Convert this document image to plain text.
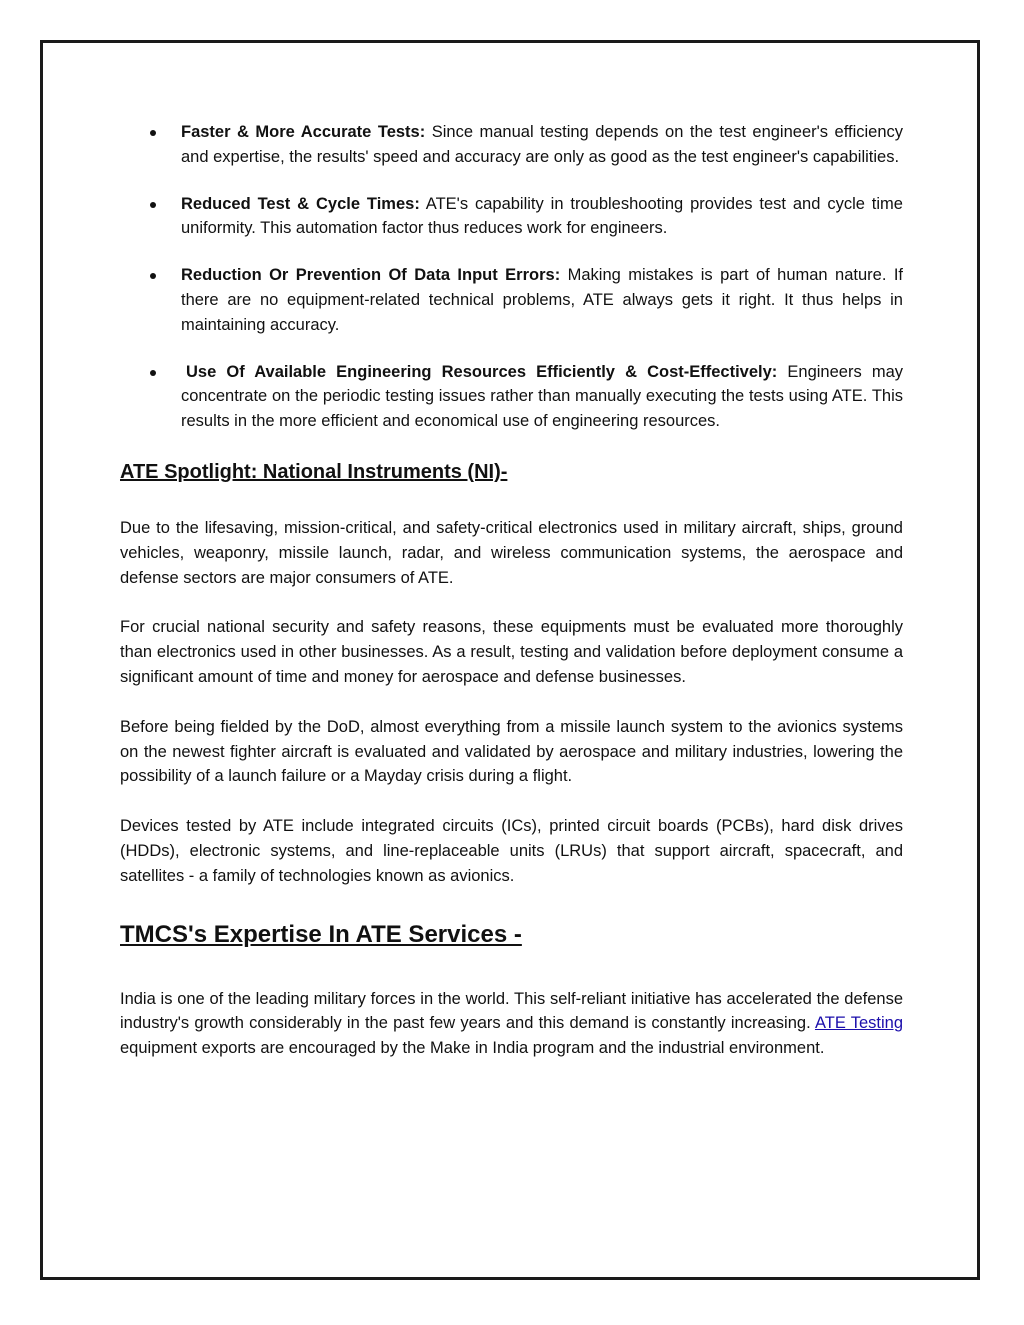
Faster & More Accurate Tests: Since manual testing depends on the test engineer's efficiency and expertise, the results' speed and accuracy are only as good as the test engineer's capabilities.
Reduced Test & Cycle Times: ATE's capability in troubleshooting provides test and cycle time uniformity. This automation factor thus reduces work for engineers.
Reduction Or Prevention Of Data Input Errors: Making mistakes is part of human nature. If there are no equipment-related technical problems, ATE always gets it right. It thus helps in maintaining accuracy.
Use Of Available Engineering Resources Efficiently & Cost-Effectively: Engineers may concentrate on the periodic testing issues rather than manually executing the tests using ATE. This results in the more efficient and economical use of engineering resources.
ATE Spotlight: National Instruments (NI)-

Due to the lifesaving, mission-critical, and safety-critical electronics used in military aircraft, ships, ground vehicles, weaponry, missile launch, radar, and wireless communication systems, the aerospace and defense sectors are major consumers of ATE.

For crucial national security and safety reasons, these equipments must be evaluated more thoroughly than electronics used in other businesses. As a result, testing and validation before deployment consume a significant amount of time and money for aerospace and defense businesses.

Before being fielded by the DoD, almost everything from a missile launch system to the avionics systems on the newest fighter aircraft is evaluated and validated by aerospace and military industries, lowering the possibility of a launch failure or a Mayday crisis during a flight.

Devices tested by ATE include integrated circuits (ICs), printed circuit boards (PCBs), hard disk drives (HDDs), electronic systems, and line-replaceable units (LRUs) that support aircraft, spacecraft, and satellites - a family of technologies known as avionics.

TMCS's Expertise In ATE Services -

India is one of the leading military forces in the world. This self-reliant initiative has accelerated the defense industry's growth considerably in the past few years and this demand is constantly increasing. ATE Testing equipment exports are encouraged by the Make in India program and the industrial environment.
